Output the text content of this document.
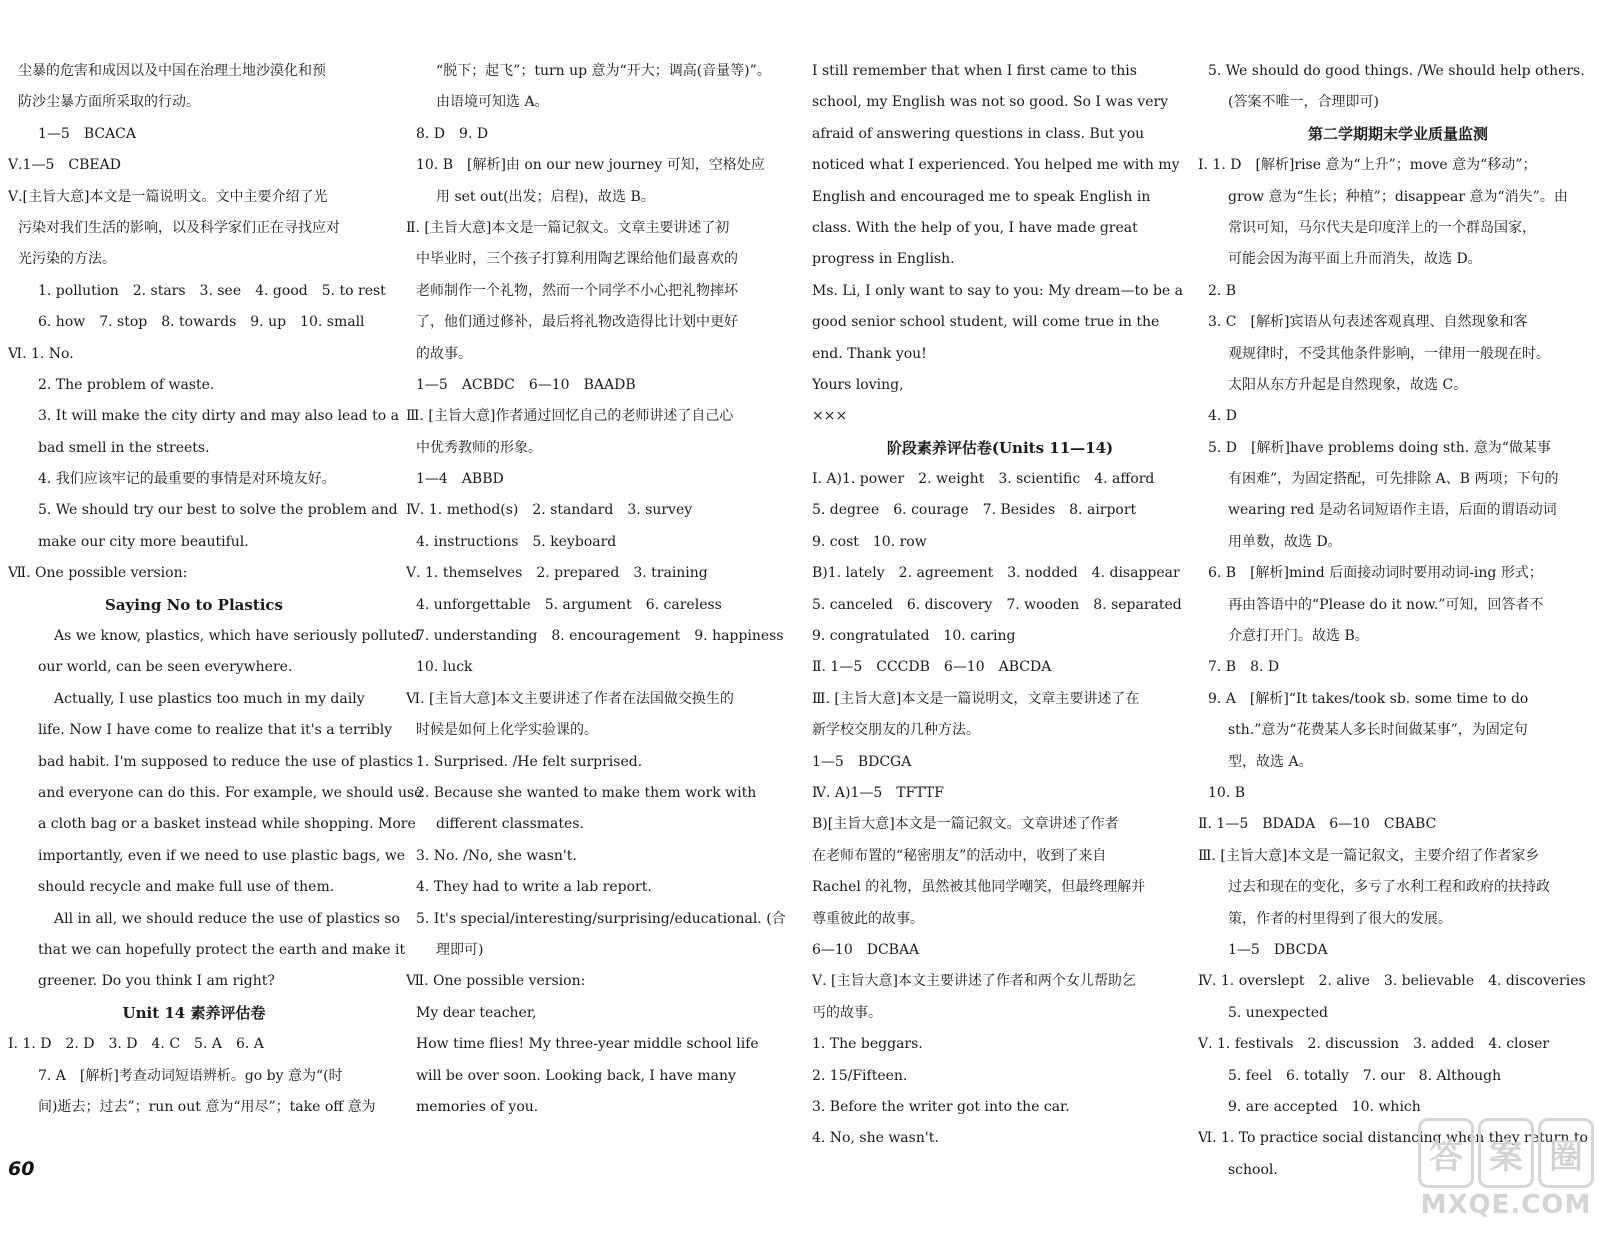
尘暴的危害和成因以及中国在治理土地沙漠化和预
防沙尘暴方面所采取的行动。
1—5　BCACA
Ⅴ.1—5　CBEAD
Ⅴ.[主旨大意]本文是一篇说明文。文中主要介绍了光
污染对我们生活的影响，以及科学家们正在寻找应对
光污染的方法。
1. pollution　2. stars　3. see　4. good　5. to rest
6. how　7. stop　8. towards　9. up　10. small
Ⅵ. 1. No.
2. The problem of waste.
3. It will make the city dirty and may also lead to a
bad smell in the streets.
4. 我们应该牢记的最重要的事情是对环境友好。
5. We should try our best to solve the problem and
make our city more beautiful.
Ⅶ. One possible version:
Saying No to Plastics
As we know, plastics, which have seriously polluted
our world, can be seen everywhere.
Actually, I use plastics too much in my daily
life. Now I have come to realize that it's a terribly
bad habit. I'm supposed to reduce the use of plastics
and everyone can do this. For example, we should use
a cloth bag or a basket instead while shopping. More
importantly, even if we need to use plastic bags, we
should recycle and make full use of them.
All in all, we should reduce the use of plastics so
that we can hopefully protect the earth and make it
greener. Do you think I am right?
Unit 14 素养评估卷
Ⅰ. 1. D　2. D　3. D　4. C　5. A　6. A
7. A　[解析]考查动词短语辨析。go by 意为“(时
间)逝去；过去”；run out 意为“用尽”；take off 意为
“脱下；起飞”；turn up 意为“开大；调高(音量等)”。
由语境可知选 A。
8. D　9. D
10. B　[解析]由 on our new journey 可知，空格处应
用 set out(出发；启程)，故选 B。
Ⅱ. [主旨大意]本文是一篇记叙文。文章主要讲述了初
中毕业时，三个孩子打算利用陶艺课给他们最喜欢的
老师制作一个礼物，然而一个同学不小心把礼物摔坏
了，他们通过修补，最后将礼物改造得比计划中更好
的故事。
1—5　ACBDC　6—10　BAADB
Ⅲ. [主旨大意]作者通过回忆自己的老师讲述了自己心
中优秀教师的形象。
1—4　ABBD
Ⅳ. 1. method(s)　2. standard　3. survey
4. instructions　5. keyboard
Ⅴ. 1. themselves　2. prepared　3. training
4. unforgettable　5. argument　6. careless
7. understanding　8. encouragement　9. happiness
10. luck
Ⅵ. [主旨大意]本文主要讲述了作者在法国做交换生的
时候是如何上化学实验课的。
1. Surprised. /He felt surprised.
2. Because she wanted to make them work with
different classmates.
3. No. /No, she wasn't.
4. They had to write a lab report.
5. It's special/interesting/surprising/educational. (合
理即可)
Ⅶ. One possible version:
My dear teacher,
How time flies! My three-year middle school life
will be over soon. Looking back, I have many
memories of you.
I still remember that when I first came to this
school, my English was not so good. So I was very
afraid of answering questions in class. But you
noticed what I experienced. You helped me with my
English and encouraged me to speak English in
class. With the help of you, I have made great
progress in English.
Ms. Li, I only want to say to you: My dream—to be a
good senior school student, will come true in the
end. Thank you!
Yours loving,
×××
阶段素养评估卷(Units 11—14)
Ⅰ. A)1. power　2. weight　3. scientific　4. afford
5. degree　6. courage　7. Besides　8. airport
9. cost　10. row
B)1. lately　2. agreement　3. nodded　4. disappear
5. canceled　6. discovery　7. wooden　8. separated
9. congratulated　10. caring
Ⅱ. 1—5　CCCDB　6—10　ABCDA
Ⅲ. [主旨大意]本文是一篇说明文，文章主要讲述了在
新学校交朋友的几种方法。
1—5　BDCGA
Ⅳ. A)1—5　TFTTF
B)[主旨大意]本文是一篇记叙文。文章讲述了作者
在老师布置的“秘密朋友”的活动中，收到了来自
Rachel 的礼物，虽然被其他同学嘲笑，但最终理解并
尊重彼此的故事。
6—10　DCBAA
Ⅴ. [主旨大意]本文主要讲述了作者和两个女儿帮助乞
丐的故事。
1. The beggars.
2. 15/Fifteen.
3. Before the writer got into the car.
4. No, she wasn't.
5. We should do good things. /We should help others.
(答案不唯一，合理即可)
第二学期期末学业质量监测
Ⅰ. 1. D　[解析]rise 意为“上升”；move 意为“移动”；
grow 意为“生长；种植”；disappear 意为“消失”。由
常识可知，马尔代夫是印度洋上的一个群岛国家，
可能会因为海平面上升而消失，故选 D。
2. B
3. C　[解析]宾语从句表述客观真理、自然现象和客
观规律时，不受其他条件影响，一律用一般现在时。
太阳从东方升起是自然现象，故选 C。
4. D
5. D　[解析]have problems doing sth. 意为“做某事
有困难”，为固定搭配，可先排除 A、B 两项；下句的
wearing red 是动名词短语作主语，后面的谓语动词
用单数，故选 D。
6. B　[解析]mind 后面接动词时要用动词-ing 形式；
再由答语中的“Please do it now.”可知，回答者不
介意打开门。故选 B。
7. B　8. D
9. A　[解析]“It takes/took sb. some time to do
sth.”意为“花费某人多长时间做某事”，为固定句
型，故选 A。
10. B
Ⅱ. 1—5　BDADA　6—10　CBABC
Ⅲ. [主旨大意]本文是一篇记叙文，主要介绍了作者家乡
过去和现在的变化，多亏了水利工程和政府的扶持政
策，作者的村里得到了很大的发展。
1—5　DBCDA
Ⅳ. 1. overslept　2. alive　3. believable　4. discoveries
5. unexpected
Ⅴ. 1. festivals　2. discussion　3. added　4. closer
5. feel　6. totally　7. our　8. Although
9. are accepted　10. which
Ⅵ. 1. To practice social distancing when they return to
school.
60	答 案 圈
MXQE.COM
